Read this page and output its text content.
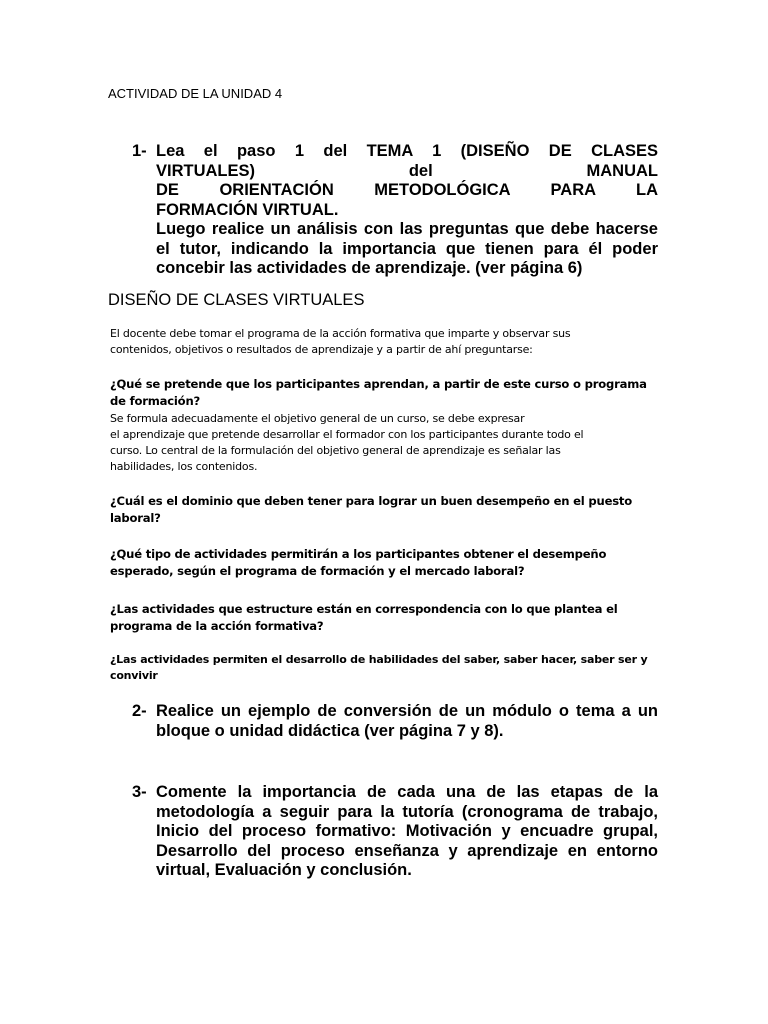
ACTIVIDAD DE LA UNIDAD 4
1- Lea el paso 1 del TEMA 1 (DISEÑO DE CLASES
VIRTUALES) del MANUAL
DE ORIENTACIÓN METODOLÓGICA PARA LA
FORMACIÓN VIRTUAL.
Luego realice un análisis con las preguntas que debe hacerse
el tutor, indicando la importancia que tienen para él poder
concebir las actividades de aprendizaje. (ver página 6)
DISEÑO DE CLASES VIRTUALES
El docente debe tomar el programa de la acción formativa que imparte y observar sus
contenidos, objetivos o resultados de aprendizaje y a partir de ahí preguntarse:
¿Qué se pretende que los participantes aprendan, a partir de este curso o programa
de formación?
Se formula adecuadamente el objetivo general de un curso, se debe expresar
el aprendizaje que pretende desarrollar el formador con los participantes durante todo el
curso. Lo central de la formulación del objetivo general de aprendizaje es señalar las
habilidades, los contenidos.
¿Cuál es el dominio que deben tener para lograr un buen desempeño en el puesto
laboral?
¿Qué tipo de actividades permitirán a los participantes obtener el desempeño
esperado, según el programa de formación y el mercado laboral?
¿Las actividades que estructure están en correspondencia con lo que plantea el
programa de la acción formativa?
¿Las actividades permiten el desarrollo de habilidades del saber, saber hacer, saber ser y
convivir
2- Realice un ejemplo de conversión de un módulo o tema a un
bloque o unidad didáctica (ver página 7 y 8).
3- Comente la importancia de cada una de las etapas de la
metodología a seguir para la tutoría (cronograma de trabajo,
Inicio del proceso formativo: Motivación y encuadre grupal,
Desarrollo del proceso enseñanza y aprendizaje en entorno
virtual, Evaluación y conclusión.
